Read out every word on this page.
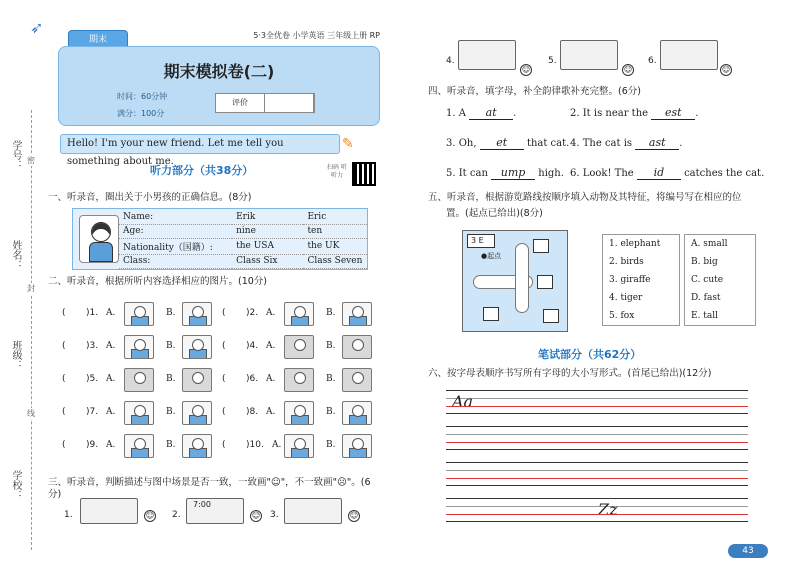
➶
学号：
姓名：
班级：
学校：
密
封
线
期末	5·3全优卷 小学英语 三年级上册 RP
期末模拟卷(二)
时间：60分钟
满分：100分
评价
Hello! I'm your new friend. Let me tell you something about me.
✎
听力部分（共38分）	扫码 听听力
一、听录音，圈出关于小男孩的正确信息。(8分)
Name:	Erik	Eric
Age:	nine	ten
Nationality（国籍）:	the USA	the UK
Class:	Class Six	Class Seven
二、听录音，根据所听内容选择相应的图片。(10分)
( )1. A.	B.	( )2. A.	B.
( )3. A.	B.	( )4. A.	B.
( )5. A.	B.	( )6. A.	B.
( )7. A.	B.	( )8. A.	B.
( )9. A.	B.	( )10. A.	B.
三、听录音，判断描述与图中场景是否一致，一致画"☺"，不一致画"☹"。(6分)
1.	☺ 2.
7:00
☺ 3.	☺
4.
☺
5.
☺
6.
☺
四、听录音，填字母，补全韵律歌补充完整。(6分)
1. A at .	2. It is near the est .
3. Oh, et that cat. 4. The cat is ast .
5. It can ump high. 6. Look! The id catches the cat.
五、听录音，根据游览路线按顺序填入动物及其特征，将编号写在相应的位
置。(起点已给出)(8分)
3 E
●起点
1. elephant
2. birds
3. giraffe
4. tiger
5. fox
A. small
B. big
C. cute
D. fast
E. tall
笔试部分（共62分）
六、按字母表顺序书写所有字母的大小写形式。(首尾已给出)(12分)
Aa
Zz
43
